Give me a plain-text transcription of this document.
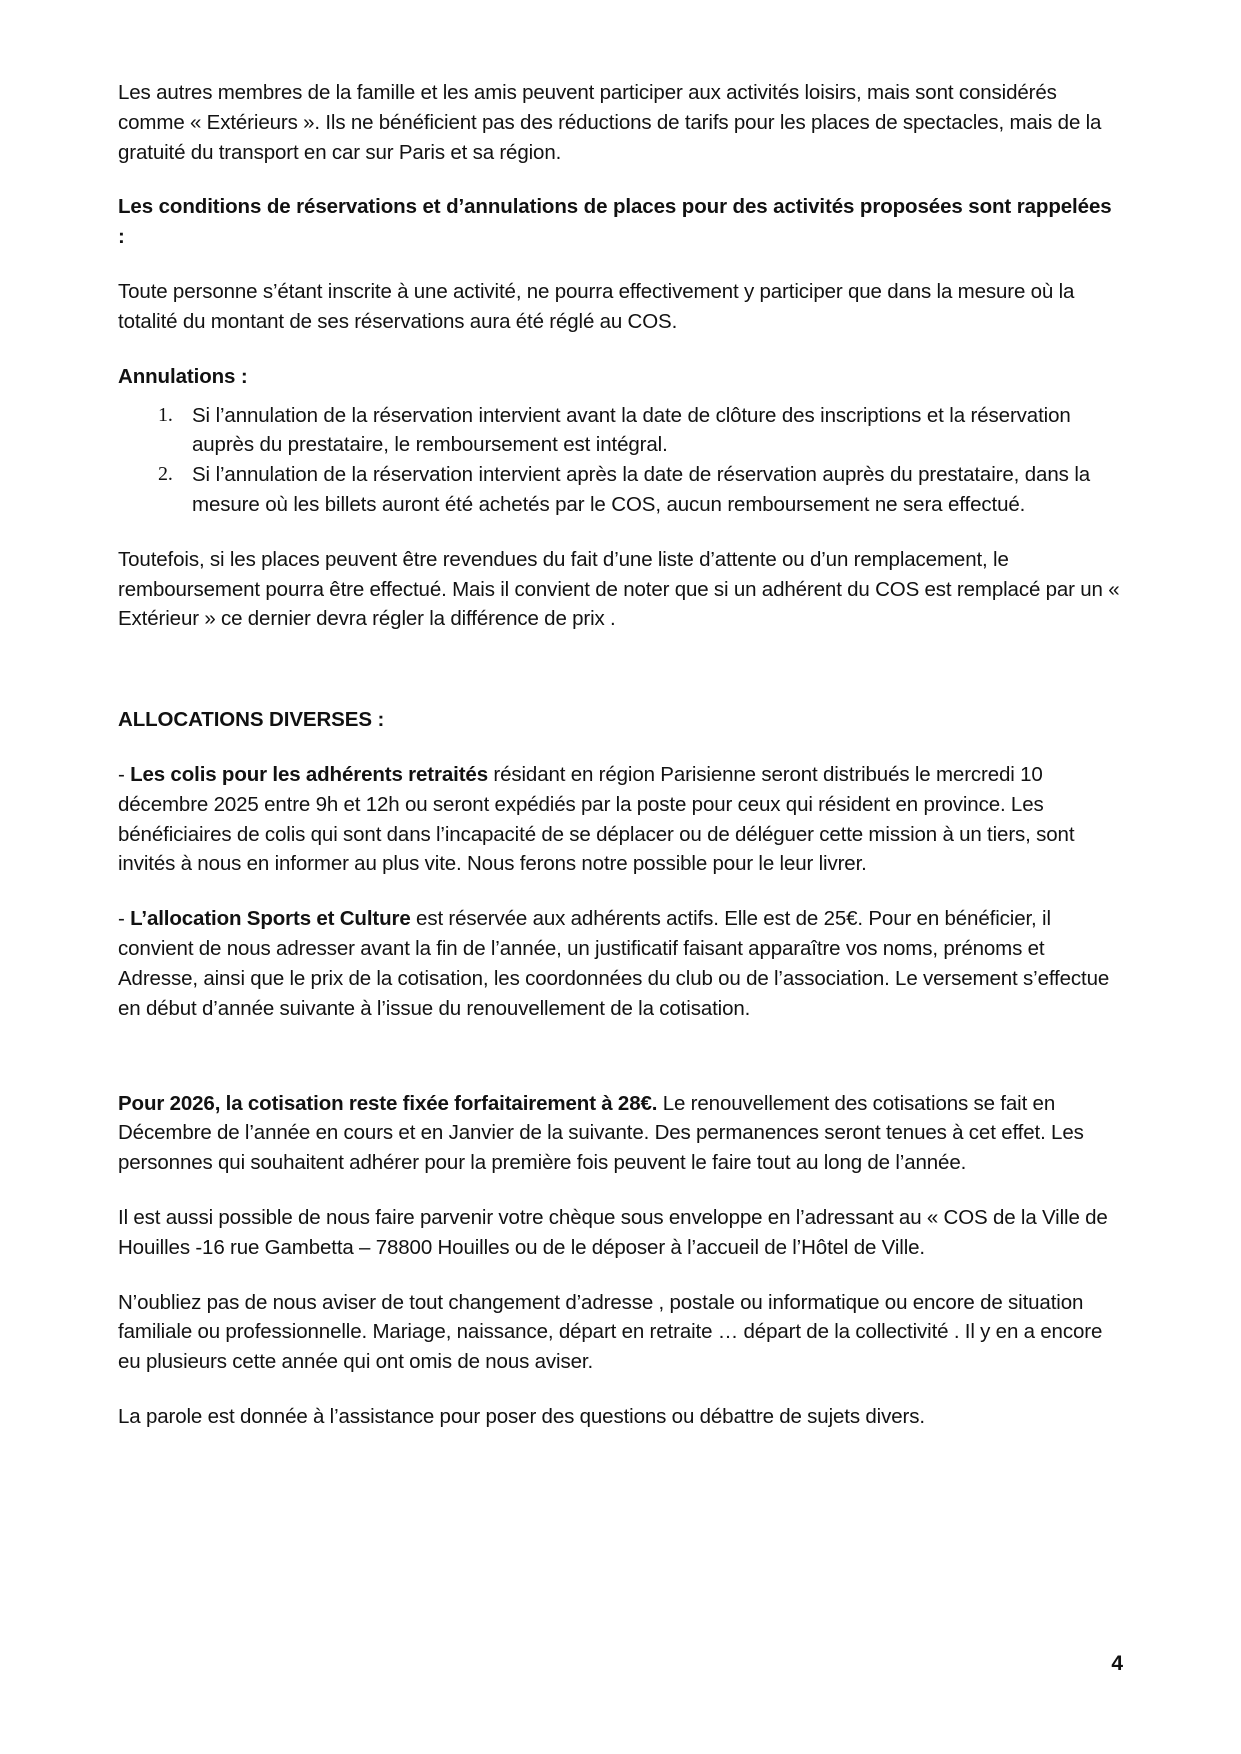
Les autres membres de la famille et les amis peuvent participer aux activités loisirs, mais sont considérés comme « Extérieurs ». Ils ne bénéficient pas des réductions de tarifs pour les places de spectacles, mais de la gratuité du transport en car sur Paris et sa région.

Les conditions de réservations et d’annulations de places pour des activités proposées sont rappelées :

Toute personne s’étant inscrite à une activité, ne pourra effectivement y participer que dans la mesure où la totalité du montant de ses réservations aura été réglé au COS.

Annulations :

Si l’annulation de la réservation intervient avant la date de clôture des inscriptions et la réservation auprès du prestataire, le remboursement est intégral.
Si l’annulation de la réservation intervient après la date de réservation auprès du prestataire, dans la mesure où les billets auront été achetés par le COS, aucun remboursement ne sera effectué.

Toutefois, si les places peuvent être revendues du fait d’une liste d’attente ou d’un remplacement, le remboursement pourra être effectué. Mais il convient de noter que si un adhérent du COS est remplacé par un « Extérieur » ce dernier devra régler la différence de prix .

ALLOCATIONS DIVERSES :

- Les colis pour les adhérents retraités résidant en région Parisienne seront distribués le mercredi 10 décembre 2025 entre 9h et 12h ou seront expédiés par la poste pour ceux qui résident en province. Les bénéficiaires de colis qui sont dans l’incapacité de se déplacer ou de déléguer cette mission à un tiers, sont invités à nous en informer au plus vite. Nous ferons notre possible pour le leur livrer.

- L’allocation Sports et Culture est réservée aux adhérents actifs. Elle est de 25€. Pour en bénéficier, il convient de nous adresser avant la fin de l’année, un justificatif faisant apparaître vos noms, prénoms et Adresse, ainsi que le prix de la cotisation, les coordonnées du club ou de l’association. Le versement s’effectue en début d’année suivante à l’issue du renouvellement de la cotisation.

Pour 2026, la cotisation reste fixée forfaitairement à 28€. Le renouvellement des cotisations se fait en Décembre de l’année en cours et en Janvier de la suivante. Des permanences seront tenues à cet effet. Les personnes qui souhaitent adhérer pour la première fois peuvent le faire tout au long de l’année.

Il est aussi possible de nous faire parvenir votre chèque sous enveloppe en l’adressant au « COS de la Ville de Houilles -16 rue Gambetta – 78800 Houilles ou de le déposer à l’accueil de l’Hôtel de Ville.

N’oubliez pas de nous aviser de tout changement d’adresse , postale ou informatique ou encore de situation familiale ou professionnelle. Mariage, naissance, départ en retraite … départ de la collectivité . Il y en a encore eu plusieurs cette année qui ont omis de nous aviser.

La parole est donnée à l’assistance pour poser des questions ou débattre de sujets divers.

4
